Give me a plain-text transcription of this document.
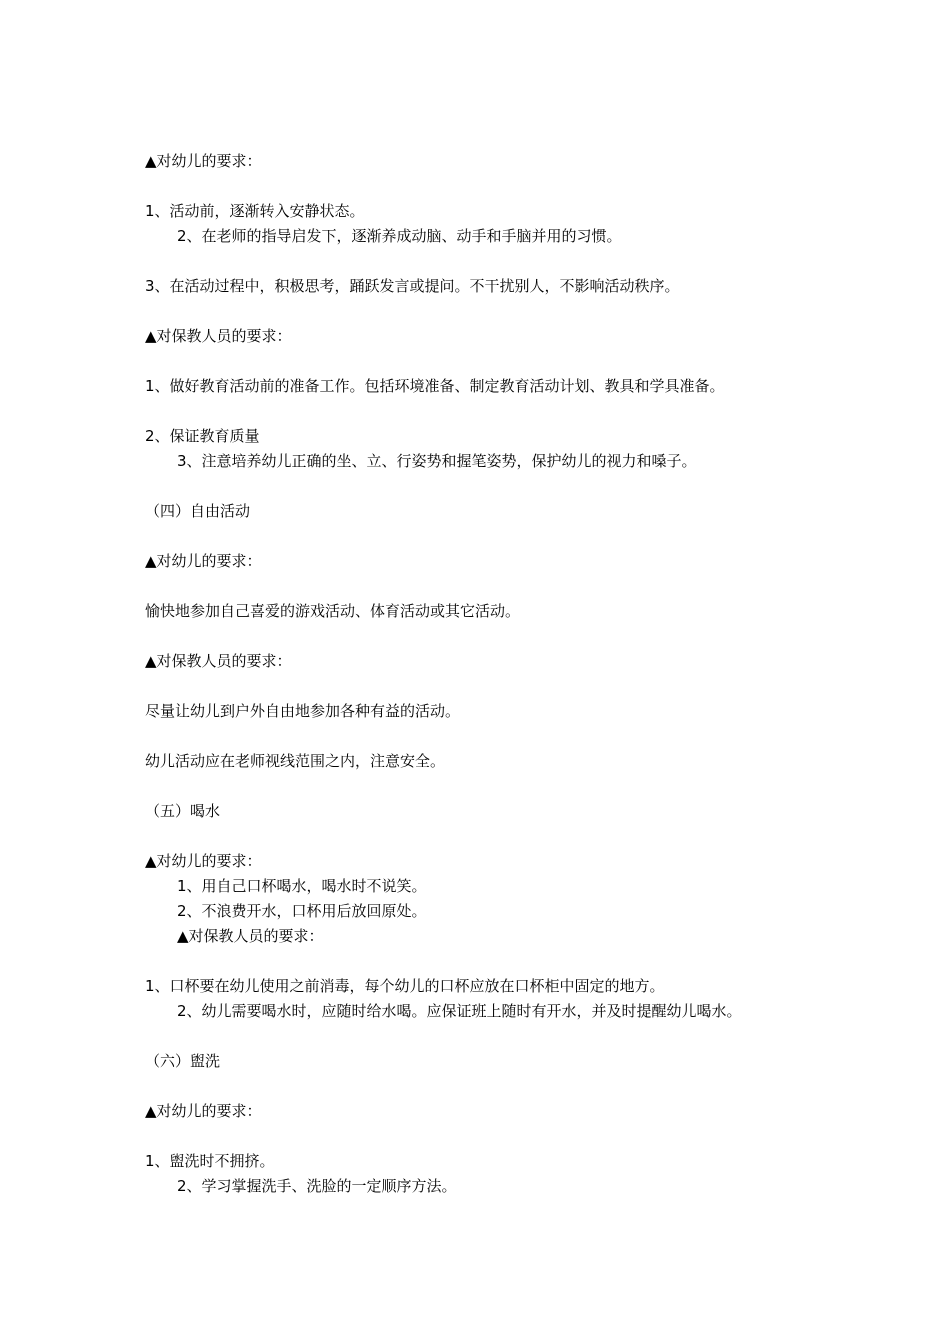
▲对幼儿的要求：
1、活动前，逐渐转入安静状态。
2、在老师的指导启发下，逐渐养成动脑、动手和手脑并用的习惯。
3、在活动过程中，积极思考，踊跃发言或提问。不干扰别人，不影响活动秩序。
▲对保教人员的要求：
1、做好教育活动前的准备工作。包括环境准备、制定教育活动计划、教具和学具准备。
2、保证教育质量
3、注意培养幼儿正确的坐、立、行姿势和握笔姿势，保护幼儿的视力和嗓子。
（四）自由活动
▲对幼儿的要求：
愉快地参加自己喜爱的游戏活动、体育活动或其它活动。
▲对保教人员的要求：
尽量让幼儿到户外自由地参加各种有益的活动。
幼儿活动应在老师视线范围之内，注意安全。
（五）喝水
▲对幼儿的要求：
1、用自己口杯喝水，喝水时不说笑。
2、不浪费开水，口杯用后放回原处。
▲对保教人员的要求：
1、口杯要在幼儿使用之前消毒，每个幼儿的口杯应放在口杯柜中固定的地方。
2、幼儿需要喝水时，应随时给水喝。应保证班上随时有开水，并及时提醒幼儿喝水。
（六）盥洗
▲对幼儿的要求：
1、盥洗时不拥挤。
2、学习掌握洗手、洗脸的一定顺序方法。
